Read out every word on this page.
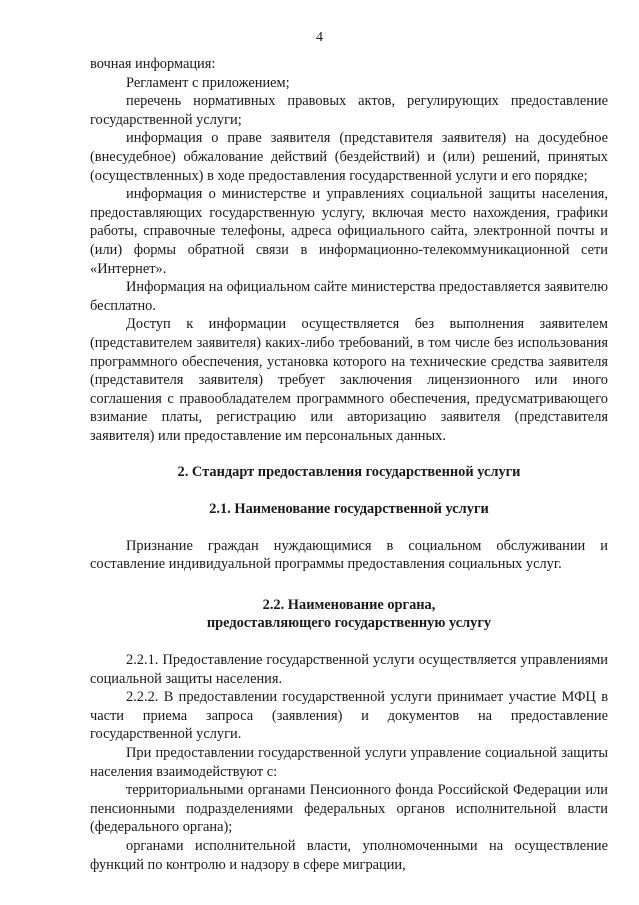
4

вочная информация:

Регламент с приложением;

перечень нормативных правовых актов, регулирующих предоставление государственной услуги;

информация о праве заявителя (представителя заявителя) на досудебное (внесудебное) обжалование действий (бездействий) и (или) решений, принятых (осуществленных) в ходе предоставления государственной услуги и его порядке;

информация о министерстве и управлениях социальной защиты населения, предоставляющих государственную услугу, включая место нахождения, графики работы, справочные телефоны, адреса официального сайта, электронной почты и (или) формы обратной связи в информационно-телекоммуникационной сети «Интернет».

Информация на официальном сайте министерства предоставляется заявителю бесплатно.

Доступ к информации осуществляется без выполнения заявителем (представителем заявителя) каких-либо требований, в том числе без использования программного обеспечения, установка которого на технические средства заявителя (представителя заявителя) требует заключения лицензионного или иного соглашения с правообладателем программного обеспечения, предусматривающего взимание платы, регистрацию или авторизацию заявителя (представителя заявителя) или предоставление им персональных данных.

2. Стандарт предоставления государственной услуги
2.1. Наименование государственной услуги

Признание граждан нуждающимися в социальном обслуживании и составление индивидуальной программы предоставления социальных услуг.

2.2. Наименование органа,
предоставляющего государственную услугу

2.2.1. Предоставление государственной услуги осуществляется управлениями социальной защиты населения.

2.2.2. В предоставлении государственной услуги принимает участие МФЦ в части приема запроса (заявления) и документов на предоставление государственной услуги.

При предоставлении государственной услуги управление социальной защиты населения взаимодействуют с:

территориальными органами Пенсионного фонда Российской Федерации или пенсионными подразделениями федеральных органов исполнительной власти (федерального органа);

органами исполнительной власти, уполномоченными на осуществление функций по контролю и надзору в сфере миграции,
